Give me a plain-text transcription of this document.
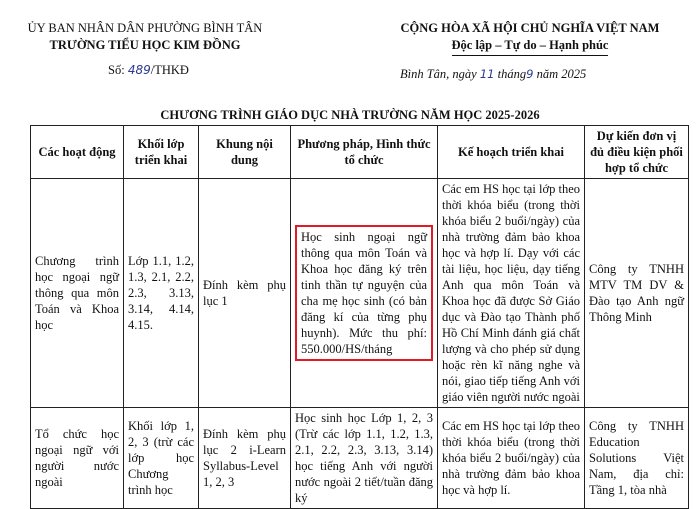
ỦY BAN NHÂN DÂN PHƯỜNG BÌNH TÂN
TRƯỜNG TIỂU HỌC KIM ĐỒNG
Số: 489/THKĐ
CỘNG HÒA XÃ HỘI CHỦ NGHĨA VIỆT NAM
Độc lập – Tự do – Hạnh phúc
Bình Tân, ngày 11 tháng9 năm 2025
CHƯƠNG TRÌNH GIÁO DỤC NHÀ TRƯỜNG NĂM HỌC 2025-2026
Các hoạt động	Khối lớp triển khai	Khung nội dung	Phương pháp, Hình thức tổ chức	Kế hoạch triển khai	Dự kiến đơn vị đủ điều kiện phối hợp tổ chức
Chương trình học ngoại ngữ thông qua môn Toán và Khoa học	Lớp 1.1, 1.2, 1.3, 2.1, 2.2, 2.3, 3.13, 3.14, 4.14, 4.15.	Đính kèm phụ lục 1	Học sinh ngoại ngữ thông qua môn Toán và Khoa học đăng ký trên tinh thần tự nguyện của cha mẹ học sinh (có bản đăng kí của từng phụ huynh). Mức thu phí: 550.000/HS/tháng	Các em HS học tại lớp theo thời khóa biểu (trong thời khóa biểu 2 buổi/ngày) của nhà trường đảm bảo khoa học và hợp lí. Dạy với các tài liệu, học liệu, dạy tiếng Anh qua môn Toán và Khoa học đã được Sở Giáo dục và Đào tạo Thành phố Hồ Chí Minh đánh giá chất lượng và cho phép sử dụng hoặc rèn kĩ năng nghe và nói, giao tiếp tiếng Anh với giáo viên người nước ngoài	Công ty TNHH MTV TM DV & Đào tạo Anh ngữ Thông Minh
Tổ chức học ngoại ngữ với người nước ngoài	Khối lớp 1, 2, 3 (trừ các lớp học Chương trình học	Đính kèm phụ lục 2 i-Learn Syllabus-Level 1, 2, 3	Học sinh học Lớp 1, 2, 3 (Trừ các lớp 1.1, 1.2, 1.3, 2.1, 2.2, 2.3, 3.13, 3.14) học tiếng Anh với người nước ngoài 2 tiết/tuần đăng ký	Các em HS học tại lớp theo thời khóa biểu (trong thời khóa biểu 2 buổi/ngày) của nhà trường đảm bảo khoa học và hợp lí.	Công ty TNHH Education Solutions Việt Nam, địa chỉ: Tầng 1, tòa nhà
